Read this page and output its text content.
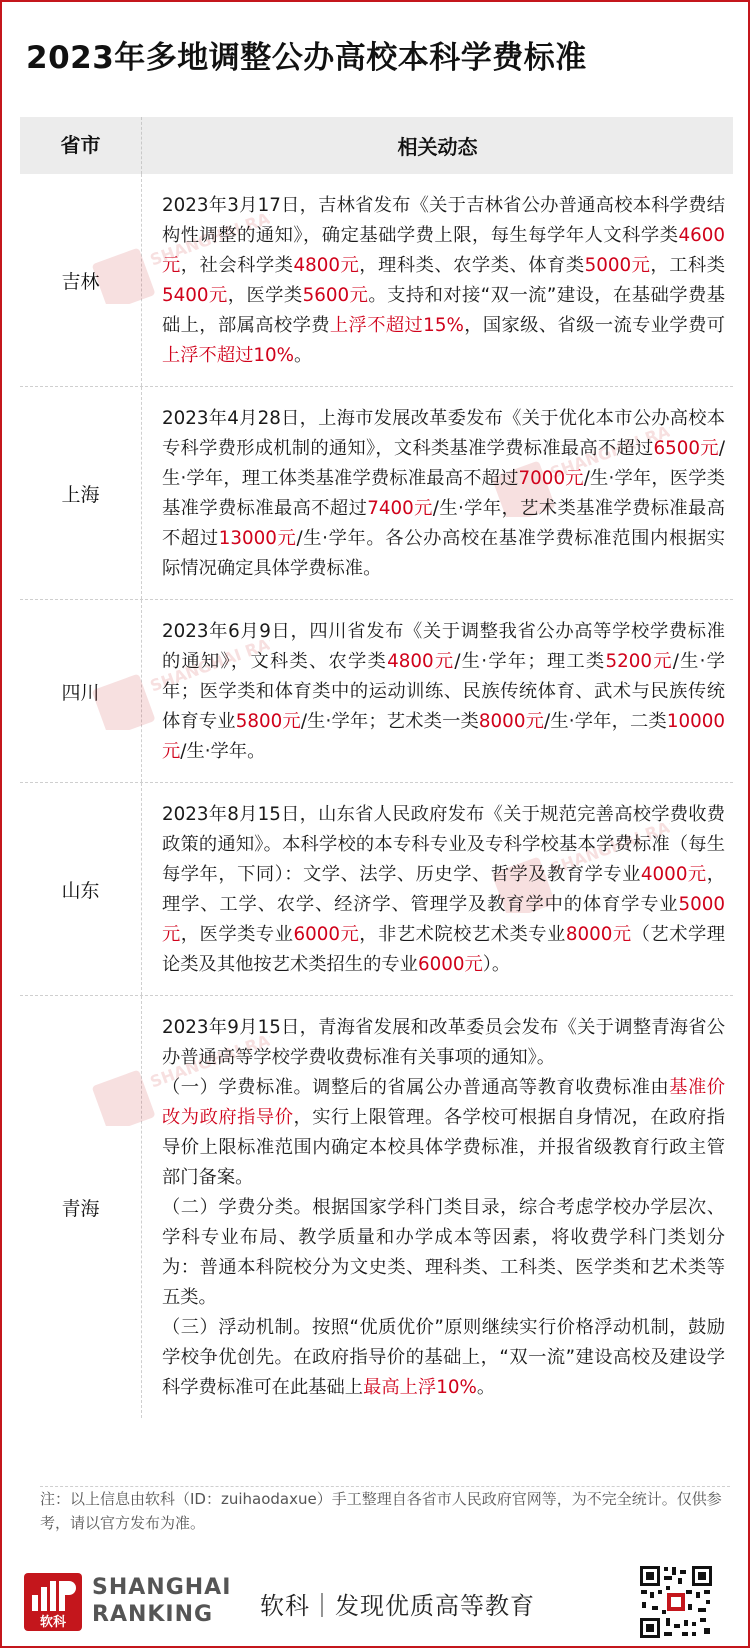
2023年多地调整公办高校本科学费标准
省市	相关动态
吉林

2023年3月17日，吉林省发布《关于吉林省公办普通高校本科学费结构性调整的通知》，确定基础学费上限，每生每学年人文科学类4600元，社会科学类4800元，理科类、农学类、体育类5000元，工科类5400元，医学类5600元。支持和对接“双一流”建设，在基础学费基础上，部属高校学费上浮不超过15%，国家级、省级一流专业学费可上浮不超过10%。

SHANGHAI
上海

2023年4月28日，上海市发展改革委发布《关于优化本市公办高校本专科学费形成机制的通知》，文科类基准学费标准最高不超过6500元/生·学年，理工体类基准学费标准最高不超过7000元/生·学年，医学类基准学费标准最高不超过7400元/生·学年，艺术类基准学费标准最高不超过13000元/生·学年。各公办高校在基准学费标准范围内根据实际情况确定具体学费标准。

SHANGHAI
四川

2023年6月9日，四川省发布《关于调整我省公办高等学校学费标准的通知》，文科类、农学类4800元/生·学年；理工类5200元/生·学年；医学类和体育类中的运动训练、民族传统体育、武术与民族传统体育专业5800元/生·学年；艺术类一类8000元/生·学年，二类10000元/生·学年。

SHANGHAI
山东

2023年8月15日，山东省人民政府发布《关于规范完善高校学费收费政策的通知》。本科学校的本专科专业及专科学校基本学费标准（每生每学年，下同）：文学、法学、历史学、哲学及教育学专业4000元，理学、工学、农学、经济学、管理学及教育学中的体育学专业5000元，医学类专业6000元，非艺术院校艺术类专业8000元（艺术学理论类及其他按艺术类招生的专业6000元）。

SHANGHAI
青海

2023年9月15日，青海省发展和改革委员会发布《关于调整青海省公办普通高等学校学费收费标准有关事项的通知》。

（一）学费标准。调整后的省属公办普通高等教育收费标准由基准价改为政府指导价，实行上限管理。各学校可根据自身情况，在政府指导价上限标准范围内确定本校具体学费标准，并报省级教育行政主管部门备案。

（二）学费分类。根据国家学科门类目录，综合考虑学校办学层次、学科专业布局、教学质量和办学成本等因素，将收费学科门类划分为：普通本科院校分为文史类、理科类、工科类、医学类和艺术类等五类。

（三）浮动机制。按照“优质优价”原则继续实行价格浮动机制，鼓励学校争优创先。在政府指导价的基础上，“双一流”建设高校及建设学科学费标准可在此基础上最高上浮10%。

SHANGHAI
注：以上信息由软科（ID：zuihaodaxue）手工整理自各省市人民政府官网等，为不完全统计。仅供参考，请以官方发布为准。
软科
SHANGHAI
RANKING	软科｜发现优质高等教育
